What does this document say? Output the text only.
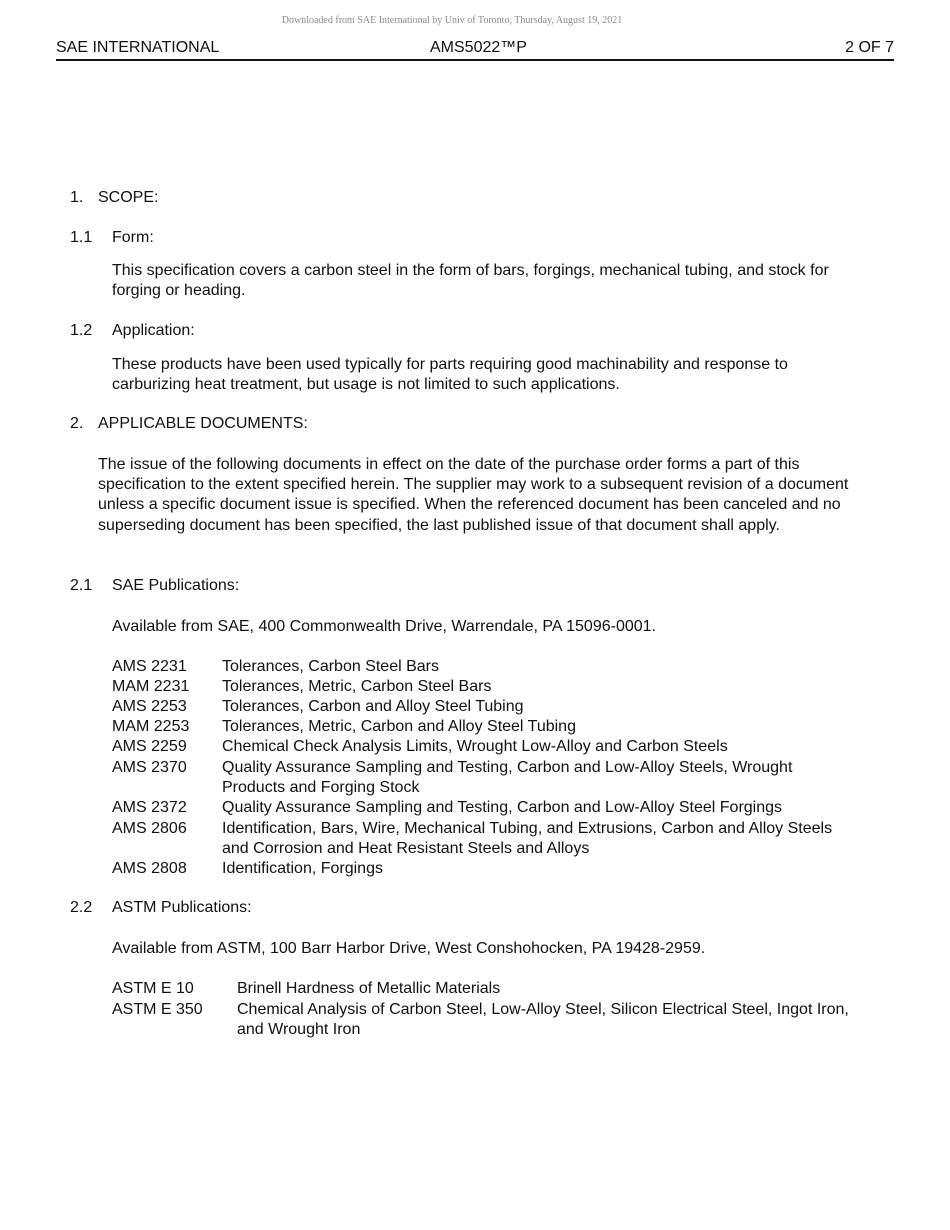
Downloaded from SAE International by Univ of Toronto, Thursday, August 19, 2021
SAE INTERNATIONAL	AMS5022™P	2 OF 7
1. SCOPE:
1.1 Form:
This specification covers a carbon steel in the form of bars, forgings, mechanical tubing, and stock for forging or heading.
1.2 Application:
These products have been used typically for parts requiring good machinability and response to carburizing heat treatment, but usage is not limited to such applications.
2. APPLICABLE DOCUMENTS:
The issue of the following documents in effect on the date of the purchase order forms a part of this specification to the extent specified herein. The supplier may work to a subsequent revision of a document unless a specific document issue is specified. When the referenced document has been canceled and no superseding document has been specified, the last published issue of that document shall apply.
2.1 SAE Publications:
Available from SAE, 400 Commonwealth Drive, Warrendale, PA 15096-0001.
AMS 2231 Tolerances, Carbon Steel Bars
MAM 2231 Tolerances, Metric, Carbon Steel Bars
AMS 2253 Tolerances, Carbon and Alloy Steel Tubing
MAM 2253 Tolerances, Metric, Carbon and Alloy Steel Tubing
AMS 2259 Chemical Check Analysis Limits, Wrought Low-Alloy and Carbon Steels
AMS 2370 Quality Assurance Sampling and Testing, Carbon and Low-Alloy Steels, Wrought Products and Forging Stock
AMS 2372 Quality Assurance Sampling and Testing, Carbon and Low-Alloy Steel Forgings
AMS 2806 Identification, Bars, Wire, Mechanical Tubing, and Extrusions, Carbon and Alloy Steels and Corrosion and Heat Resistant Steels and Alloys
AMS 2808 Identification, Forgings
2.2 ASTM Publications:
Available from ASTM, 100 Barr Harbor Drive, West Conshohocken, PA 19428-2959.
ASTM E 10	Brinell Hardness of Metallic Materials
ASTM E 350 Chemical Analysis of Carbon Steel, Low-Alloy Steel, Silicon Electrical Steel, Ingot Iron, and Wrought Iron
